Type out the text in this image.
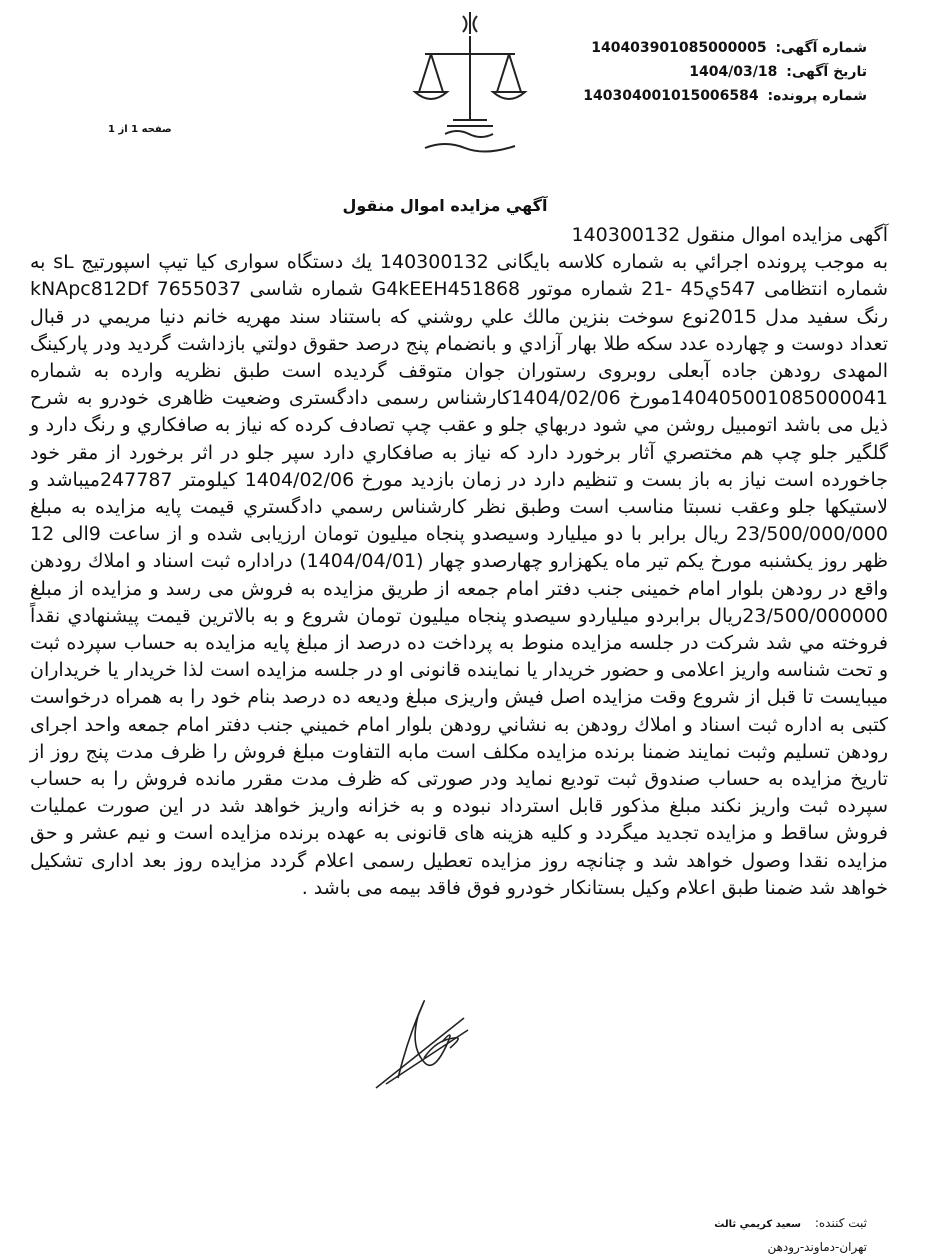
شماره آگهی: 140403901085000005
تاریخ آگهی: 1404/03/18
شماره پرونده: 140304001015006584
صفحه 1 از 1
آگهي مزايده اموال منقول

آگهی مزایده اموال منقول 140300132

به موجب پرونده اجرائي به شماره كلاسه بایگانی 140300132 یك دستگاه سواری كيا تيپ اسپورتيج sL به شماره انتظامی 547ي45 -21 شماره موتور G4kEEH451868 شماره شاسی kNApc812Df 7655037 رنگ سفيد مدل 2015نوع سوخت بنزين مالك علي روشني كه باستناد سند مهريه خانم دنيا مريمي در قبال تعداد دوست و چهارده عدد سكه طلا بهار آزادي و بانضمام پنج درصد حقوق دولتي بازداشت گرديد ودر پاركينگ المهدی رودهن جاده آبعلی روبروی رستوران جوان متوقف گرديده است طبق نظريه وارده به شماره 140405001085000041مورخ 1404/02/06كارشناس رسمی دادگستری وضعيت ظاهری خودرو به شرح ذیل می باشد اتومبيل روشن مي شود دربهاي جلو و عقب چپ تصادف كرده كه نياز به صافكاري و رنگ دارد و گلگير جلو چپ هم مختصري آثار برخورد دارد كه نياز به صافكاري دارد سپر جلو در اثر برخورد از مقر خود جاخورده است نياز به باز بست و تنظيم دارد در زمان بازديد مورخ 1404/02/06 كيلومتر 247787ميباشد و لاستيكها جلو وعقب نسبتا مناسب است وطبق نظر كارشناس رسمي دادگستري قيمت پایه مزایده به مبلغ 23/500/000/000 ريال برابر با دو ميليارد وسيصدو پنجاه ميليون تومان ارزيابی شده و از ساعت 9الی 12 ظهر روز يكشنبه مورخ يكم تير ماه يكهزارو چهارصدو چهار (1404/04/01) دراداره ثبت اسناد و املاك رودهن واقع در رودهن بلوار امام خمينی جنب دفتر امام جمعه از طريق مزايده به فروش می رسد و مزايده از مبلغ 23/500/000000ريال برابردو ميلياردو سيصدو پنجاه ميليون تومان شروع و به بالاترين قيمت پيشنهادي نقداً فروخته مي شد شركت در جلسه مزايده منوط به پرداخت ده درصد از مبلغ پایه مزایده به حساب سپرده ثبت و تحت شناسه واريز اعلامی و حضور خريدار يا نماينده قانونی او در جلسه مزايده است لذا خريدار يا خريداران ميبايست تا قبل از شروع وقت مزایده اصل فيش واريزی مبلغ وديعه ده درصد بنام خود را به همراه درخواست كتبی به اداره ثبت اسناد و املاك رودهن به نشاني رودهن بلوار امام خميني جنب دفتر امام جمعه واحد اجرای رودهن تسليم وثبت نمايند ضمنا برنده مزايده مكلف است مابه التفاوت مبلغ فروش را ظرف مدت پنج روز از تاريخ مزايده به حساب صندوق ثبت توديع نمايد ودر صورتی كه ظرف مدت مقرر مانده فروش را به حساب سپرده ثبت واريز نكند مبلغ مذكور قابل استرداد نبوده و به خزانه واريز خواهد شد در اين صورت عمليات فروش ساقط و مزايده تجديد ميگردد و كليه هزينه های قانونی به عهده برنده مزايده است و نيم عشر و حق مزايده نقدا وصول خواهد شد و چنانچه روز مزايده تعطيل رسمی اعلام گردد مزايده روز بعد اداری تشكيل خواهد شد ضمنا طبق اعلام وكيل بستانكار خودرو فوق فاقد بيمه می باشد .

ثبت کننده: سعيد كريمي ثالث
تهران-دماوند-رودهن
